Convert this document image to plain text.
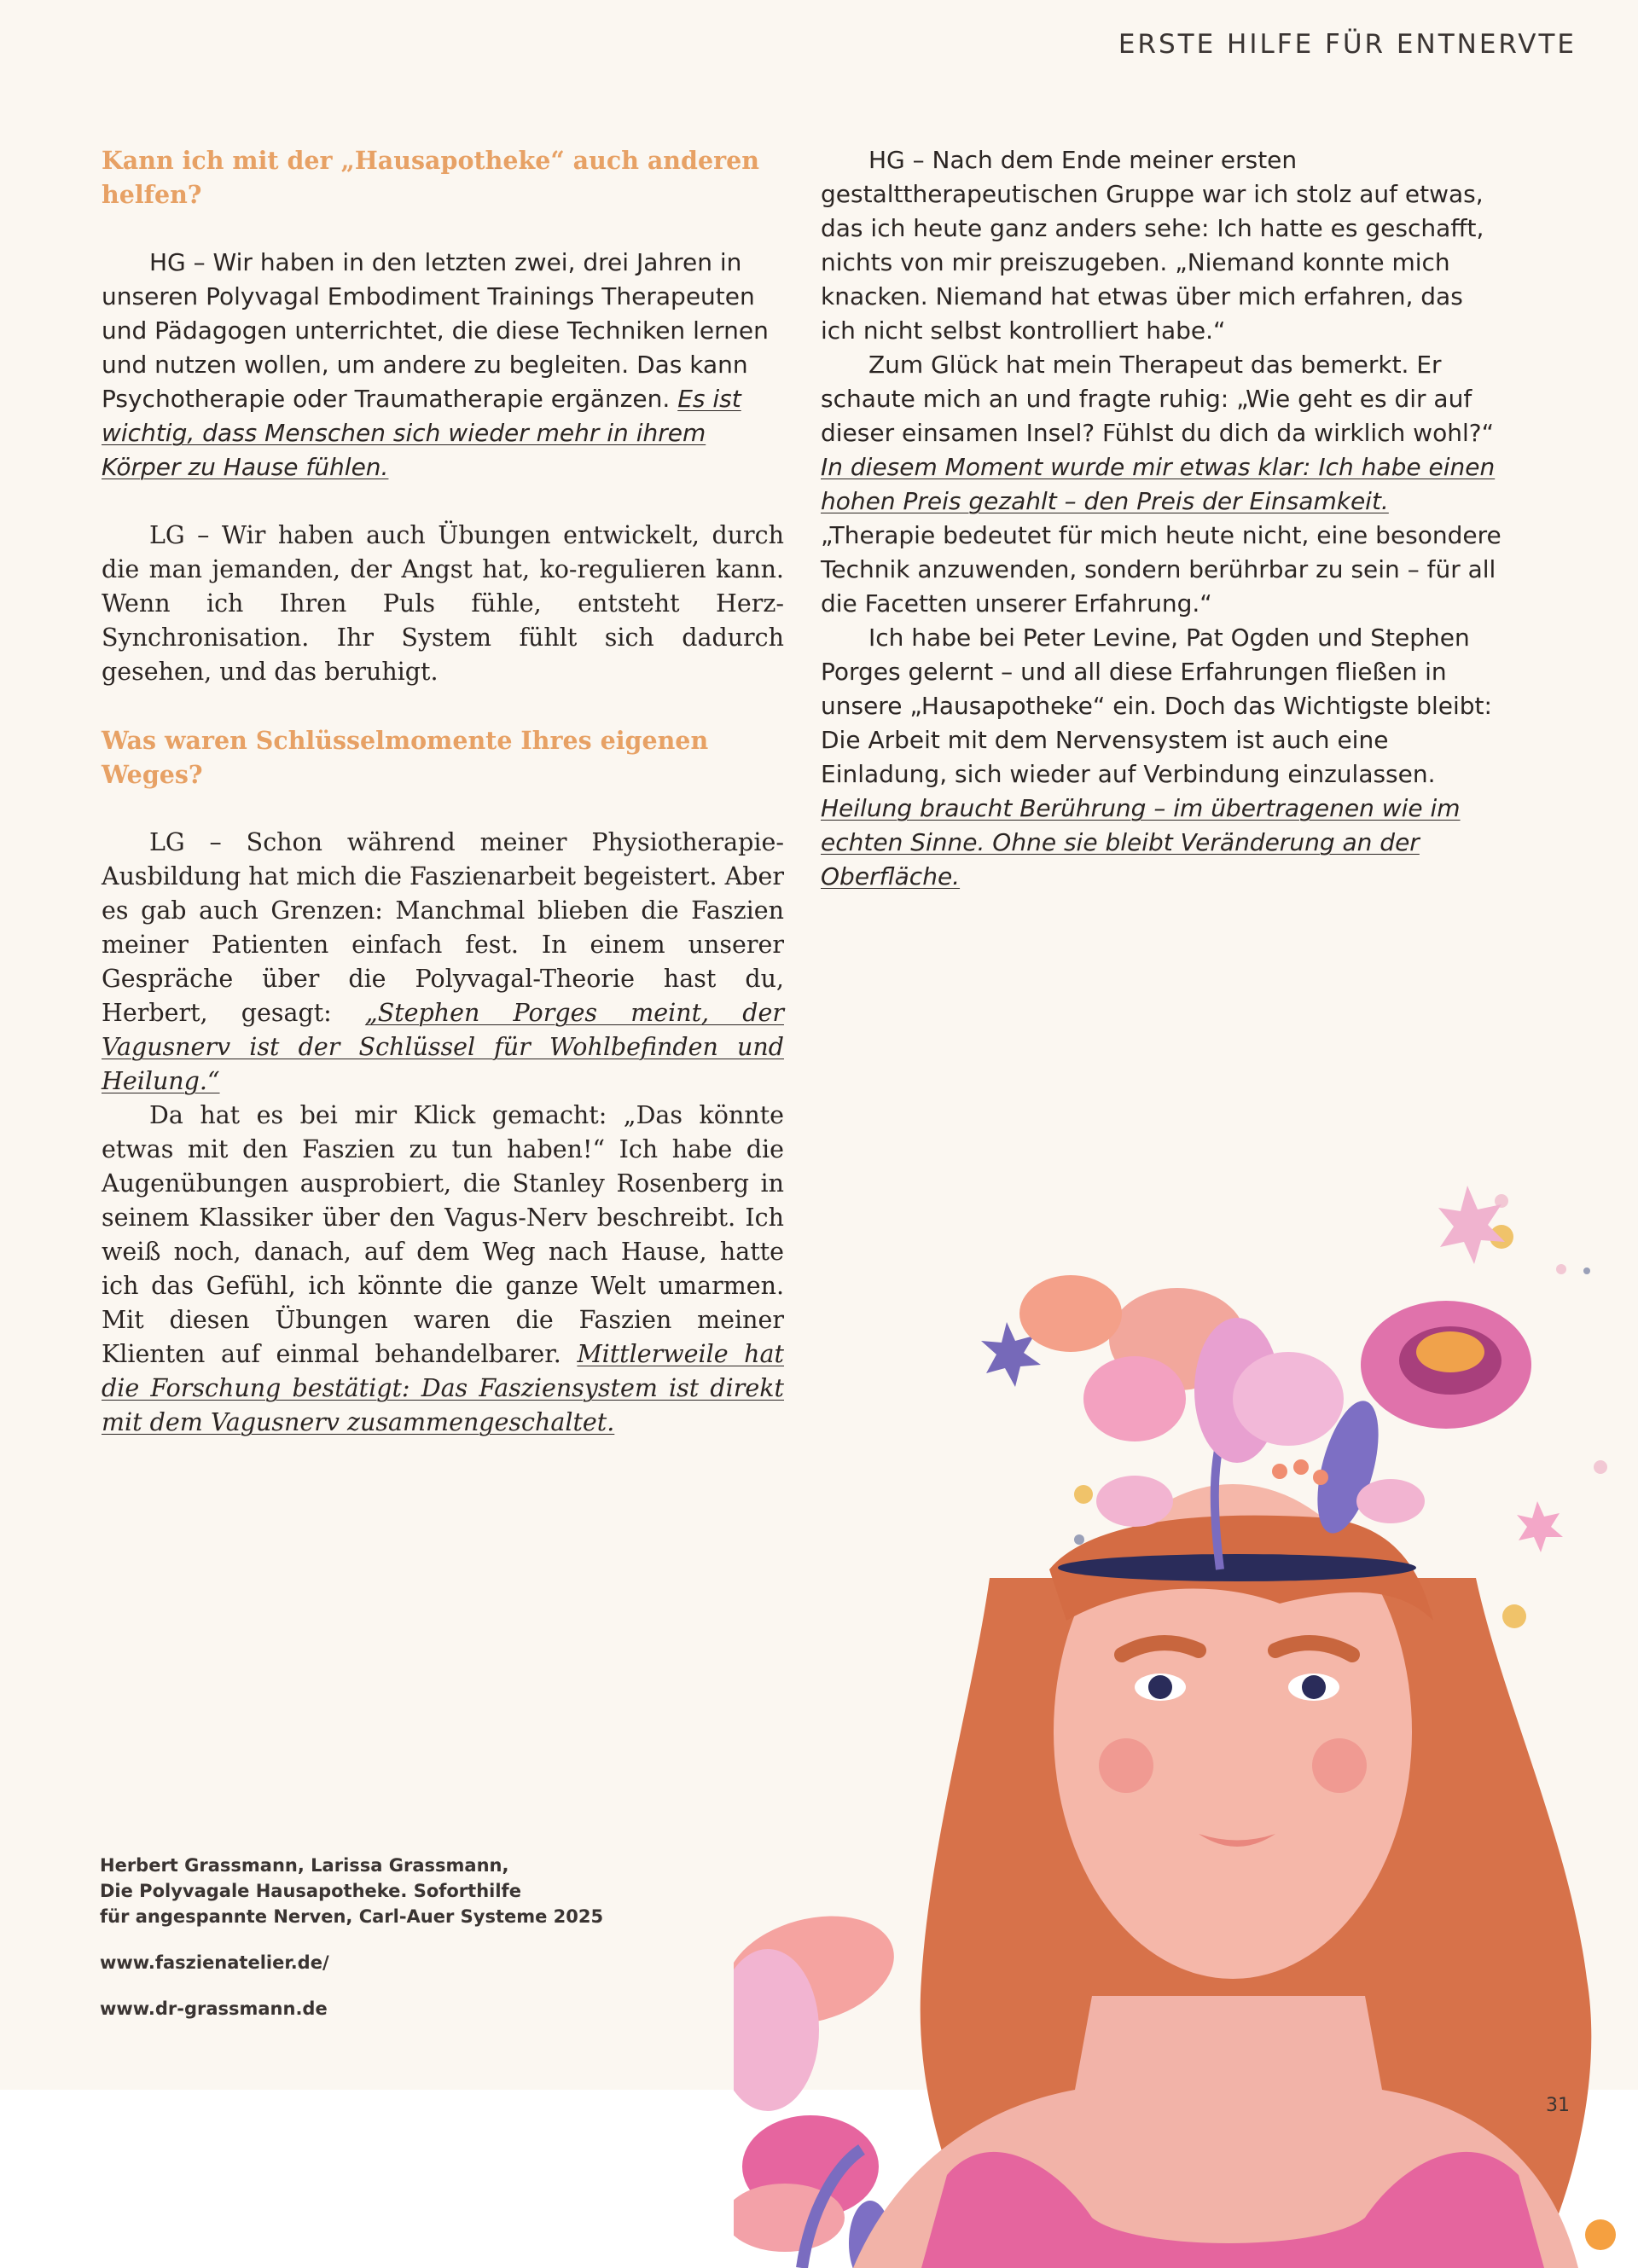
ERSTE HILFE FÜR ENTNERVTE
Kann ich mit der „Hausapotheke“ auch anderen helfen?

HG – Wir haben in den letzten zwei, drei Jahren in unseren Polyvagal Embodiment Trainings Therapeuten und Pädagogen unterrichtet, die diese Techniken lernen und nutzen wollen, um andere zu begleiten. Das kann Psychotherapie oder Traumatherapie ergänzen. Es ist wichtig, dass Menschen sich wieder mehr in ihrem Körper zu Hause fühlen.

LG – Wir haben auch Übungen entwickelt, durch die man jemanden, der Angst hat, ko-regulieren kann. Wenn ich Ihren Puls fühle, entsteht Herz-Synchronisation. Ihr System fühlt sich dadurch gesehen, und das beruhigt.

Was waren Schlüsselmomente Ihres eigenen Weges?

LG – Schon während meiner Physiotherapie-Ausbildung hat mich die Faszienarbeit begeistert. Aber es gab auch Grenzen: Manchmal blieben die Faszien meiner Patienten einfach fest. In einem unserer Gespräche über die Polyvagal-Theorie hast du, Herbert, gesagt: „Stephen Porges meint, der Vagusnerv ist der Schlüssel für Wohlbefinden und Heilung.“

Da hat es bei mir Klick gemacht: „Das könnte etwas mit den Faszien zu tun haben!“ Ich habe die Augenübungen ausprobiert, die Stanley Rosenberg in seinem Klassiker über den Vagus-Nerv beschreibt. Ich weiß noch, danach, auf dem Weg nach Hause, hatte ich das Gefühl, ich könnte die ganze Welt umarmen. Mit diesen Übungen waren die Faszien meiner Klienten auf einmal behandelbarer. Mittlerweile hat die Forschung bestätigt: Das Fasziensystem ist direkt mit dem Vagusnerv zusammengeschaltet.

HG – Nach dem Ende meiner ersten gestalttherapeutischen Gruppe war ich stolz auf etwas, das ich heute ganz anders sehe: Ich hatte es geschafft, nichts von mir preiszugeben. „Niemand konnte mich knacken. Niemand hat etwas über mich erfahren, das ich nicht selbst kontrolliert habe.“

Zum Glück hat mein Therapeut das bemerkt. Er schaute mich an und fragte ruhig: „Wie geht es dir auf dieser einsamen Insel? Fühlst du dich da wirklich wohl?“ In diesem Moment wurde mir etwas klar: Ich habe einen hohen Preis gezahlt – den Preis der Einsamkeit. „Therapie bedeutet für mich heute nicht, eine besondere Technik anzuwenden, sondern berührbar zu sein – für all die Facetten unserer Erfahrung.“

Ich habe bei Peter Levine, Pat Ogden und Stephen Porges gelernt – und all diese Erfahrungen fließen in unsere „Hausapotheke“ ein. Doch das Wichtigste bleibt: Die Arbeit mit dem Nervensystem ist auch eine Einladung, sich wieder auf Verbindung einzulassen. Heilung braucht Berührung – im übertragenen wie im echten Sinne. Ohne sie bleibt Veränderung an der Oberfläche.

Herbert Grassmann, Larissa Grassmann,
Die Polyvagale Hausapotheke. Soforthilfe
für angespannte Nerven, Carl-Auer Systeme 2025
www.faszienatelier.de/
www.dr-grassmann.de
31
